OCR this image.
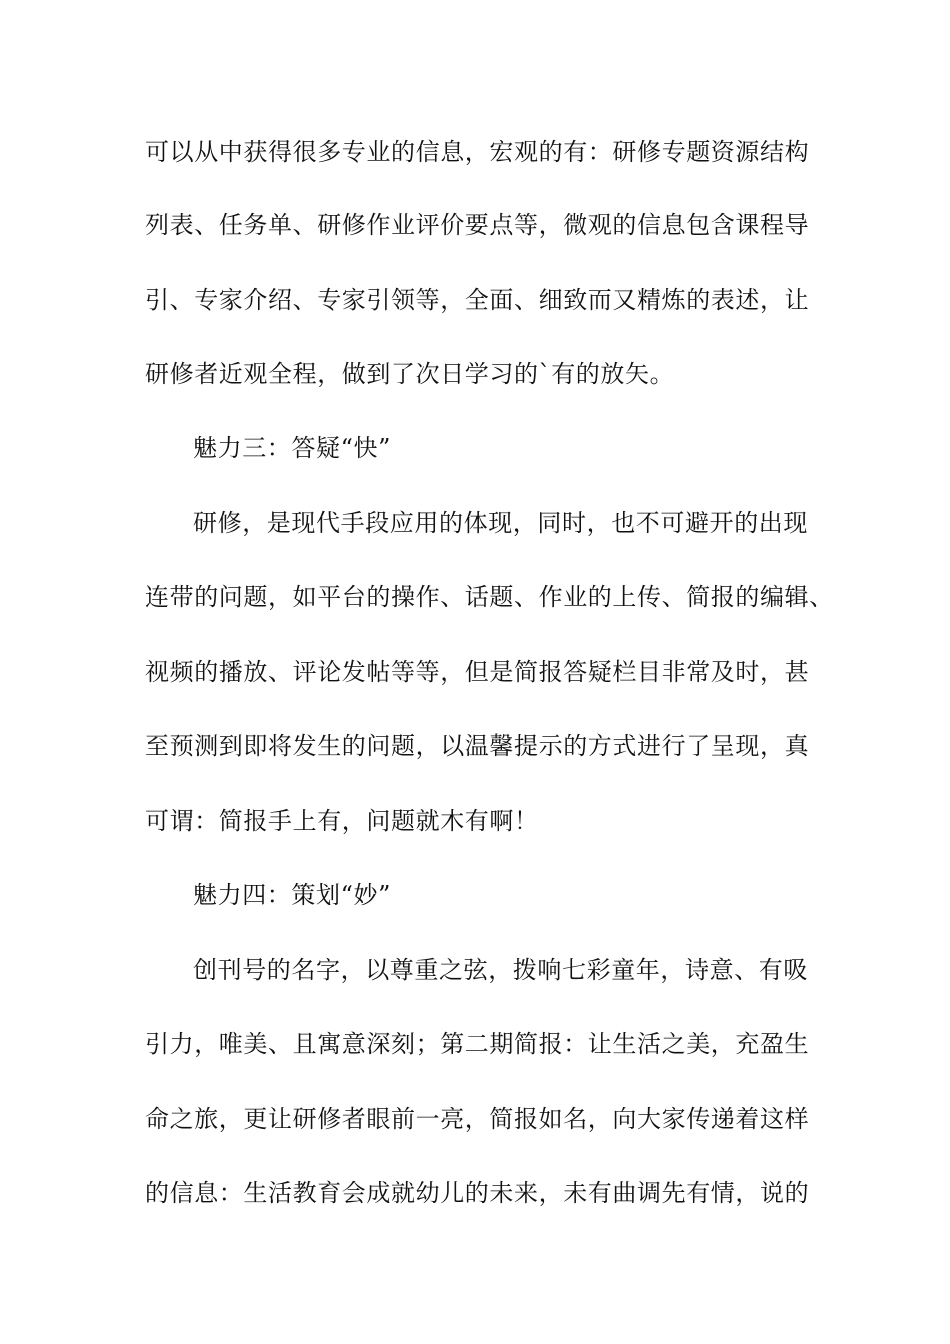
可以从中获得很多专业的信息，宏观的有：研修专题资源结构
列表、任务单、研修作业评价要点等，微观的信息包含课程导
引、专家介绍、专家引领等，全面、细致而又精炼的表述，让
研修者近观全程，做到了次日学习的`有的放矢。
魅力三：答疑“快”
研修，是现代手段应用的体现，同时，也不可避开的出现
连带的问题，如平台的操作、话题、作业的上传、简报的编辑、
视频的播放、评论发帖等等，但是简报答疑栏目非常及时，甚
至预测到即将发生的问题，以温馨提示的方式进行了呈现，真
可谓：简报手上有，问题就木有啊！
魅力四：策划“妙”
创刊号的名字，以尊重之弦，拨响七彩童年，诗意、有吸
引力，唯美、且寓意深刻；第二期简报：让生活之美，充盈生
命之旅，更让研修者眼前一亮，简报如名，向大家传递着这样
的信息：生活教育会成就幼儿的未来，未有曲调先有情，说的
